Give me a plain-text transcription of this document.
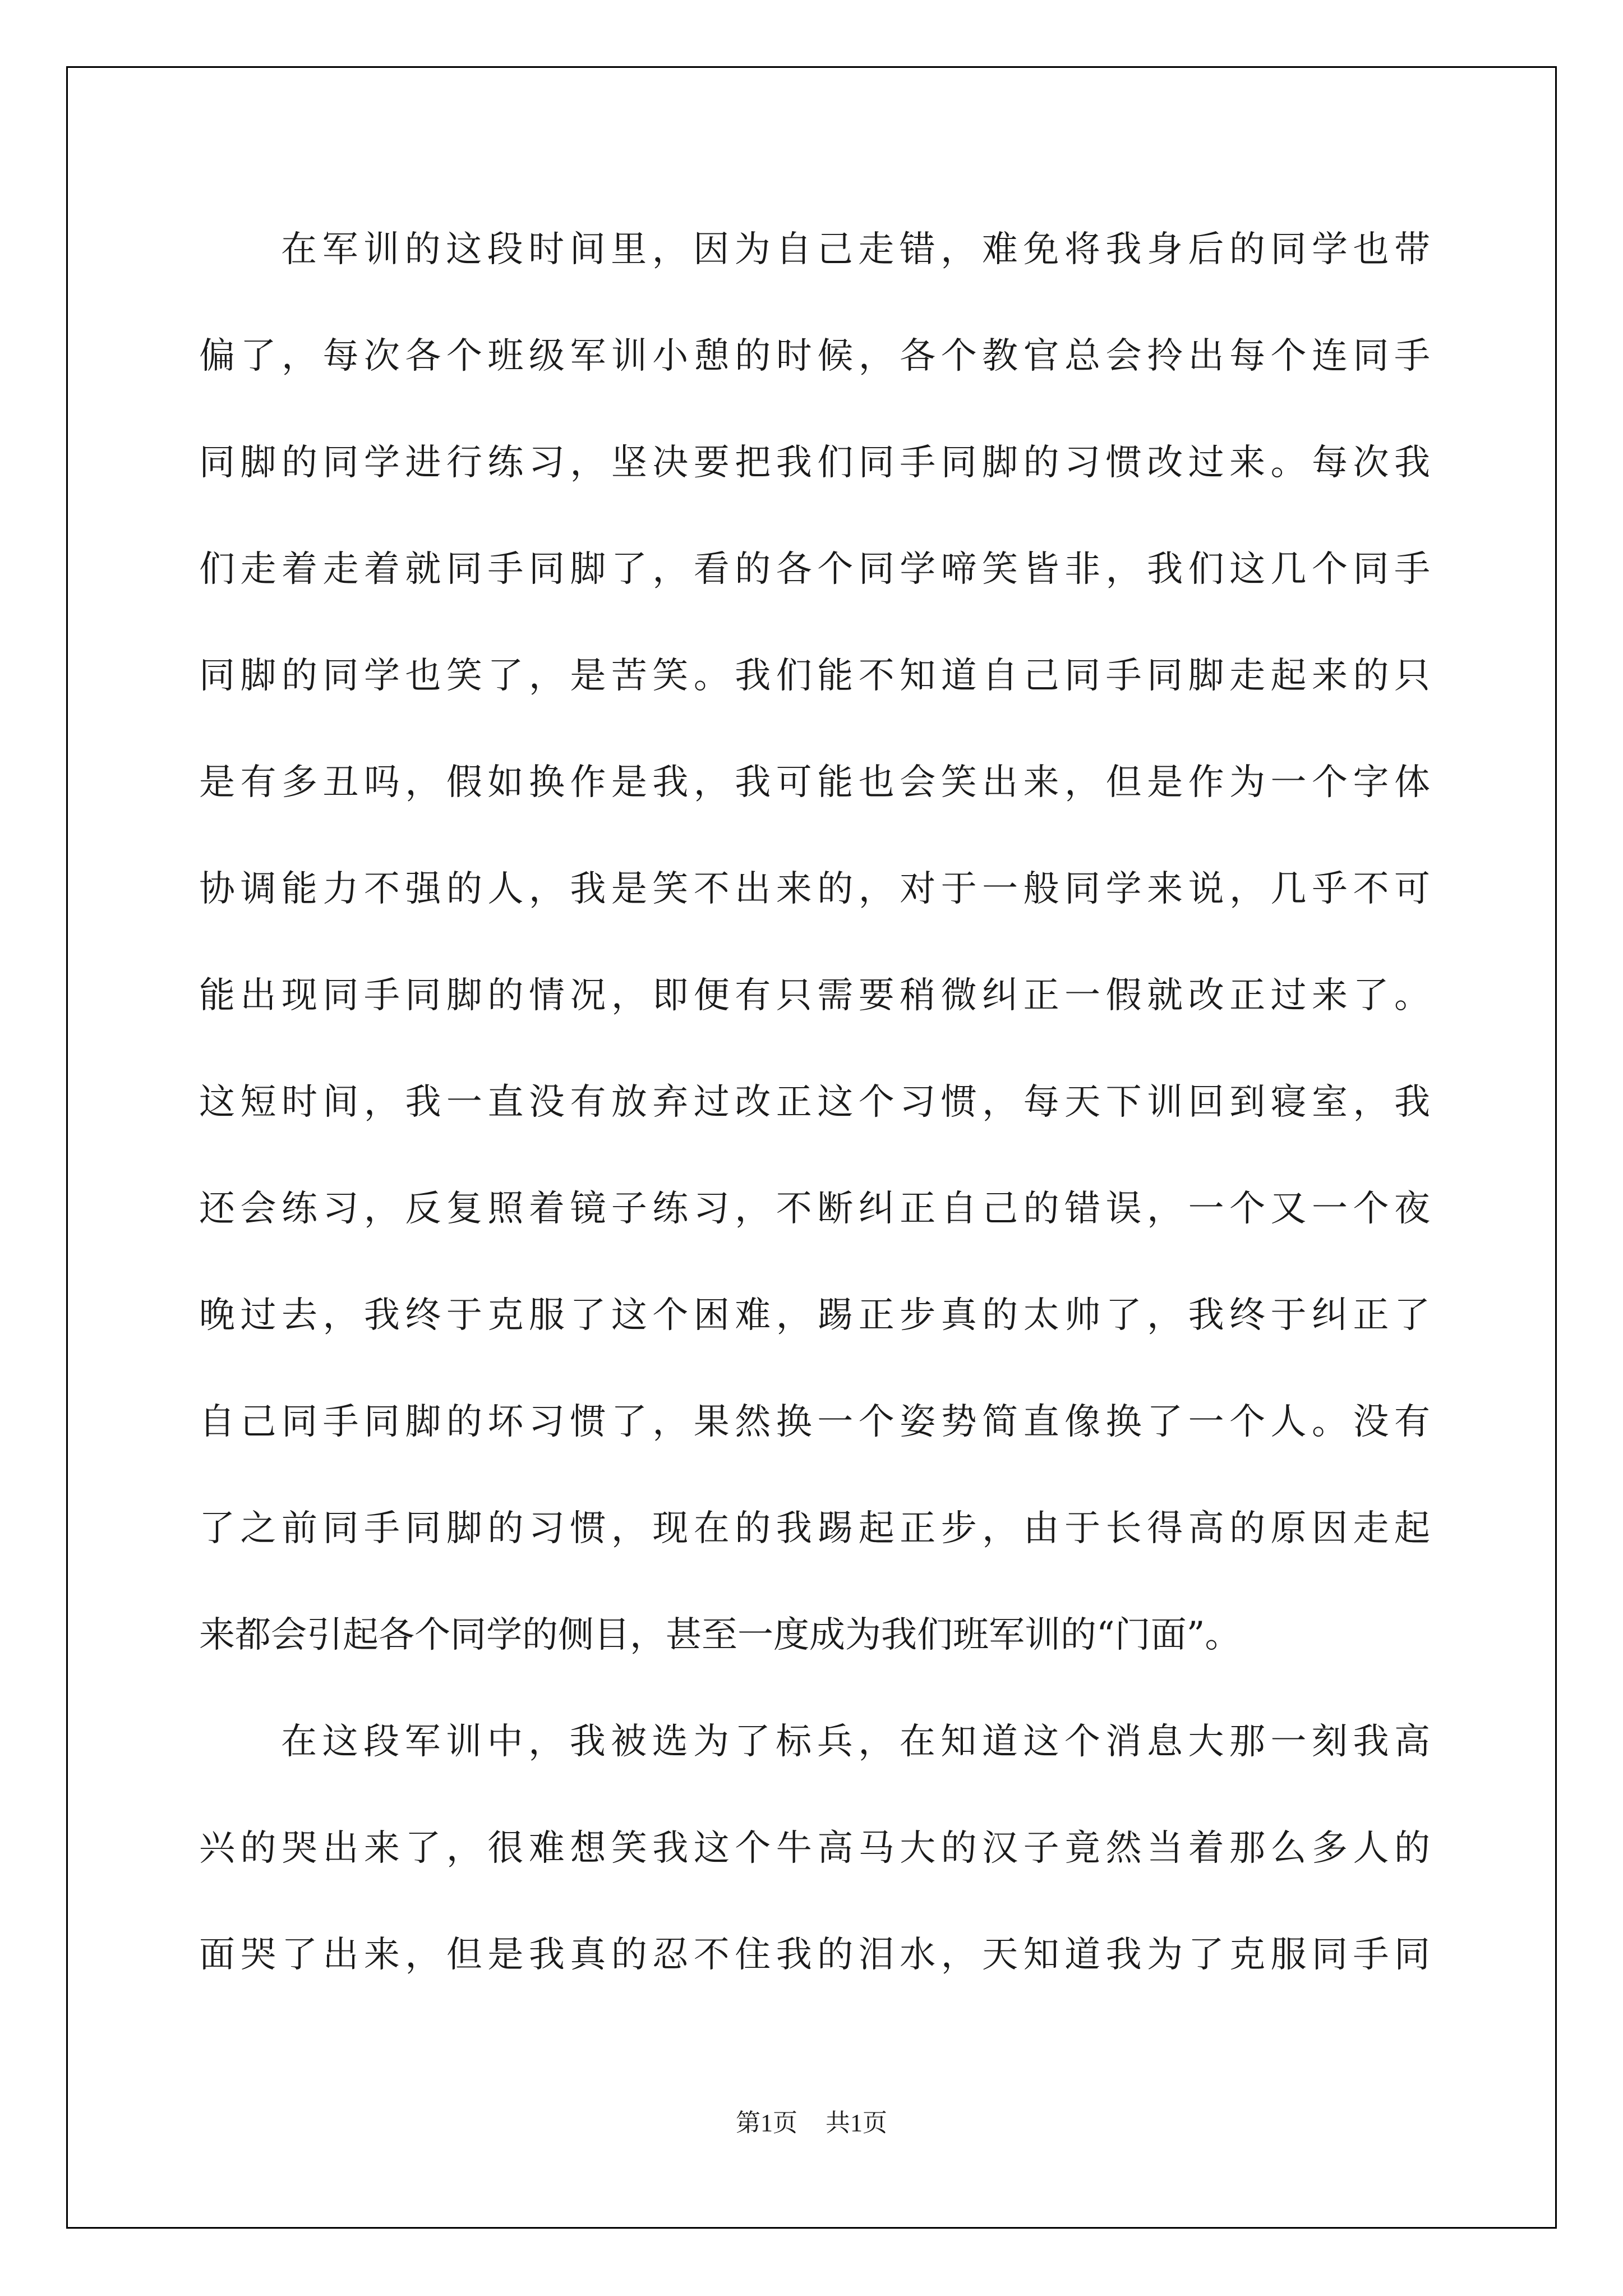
在军训的这段时间里，因为自己走错，难免将我身后的同学也带
偏了，每次各个班级军训小憩的时候，各个教官总会拎出每个连同手
同脚的同学进行练习，坚决要把我们同手同脚的习惯改过来。每次我
们走着走着就同手同脚了，看的各个同学啼笑皆非，我们这几个同手
同脚的同学也笑了，是苦笑。我们能不知道自己同手同脚走起来的只
是有多丑吗，假如换作是我，我可能也会笑出来，但是作为一个字体
协调能力不强的人，我是笑不出来的，对于一般同学来说，几乎不可
能出现同手同脚的情况，即便有只需要稍微纠正一假就改正过来了。
这短时间，我一直没有放弃过改正这个习惯，每天下训回到寝室，我
还会练习，反复照着镜子练习，不断纠正自己的错误，一个又一个夜
晚过去，我终于克服了这个困难，踢正步真的太帅了，我终于纠正了
自己同手同脚的坏习惯了，果然换一个姿势简直像换了一个人。没有
了之前同手同脚的习惯，现在的我踢起正步，由于长得高的原因走起
来都会引起各个同学的侧目，甚至一度成为我们班军训的“门面”。
在这段军训中，我被选为了标兵，在知道这个消息大那一刻我高
兴的哭出来了，很难想笑我这个牛高马大的汉子竟然当着那么多人的
面哭了出来，但是我真的忍不住我的泪水，天知道我为了克服同手同
第1页 共1页
